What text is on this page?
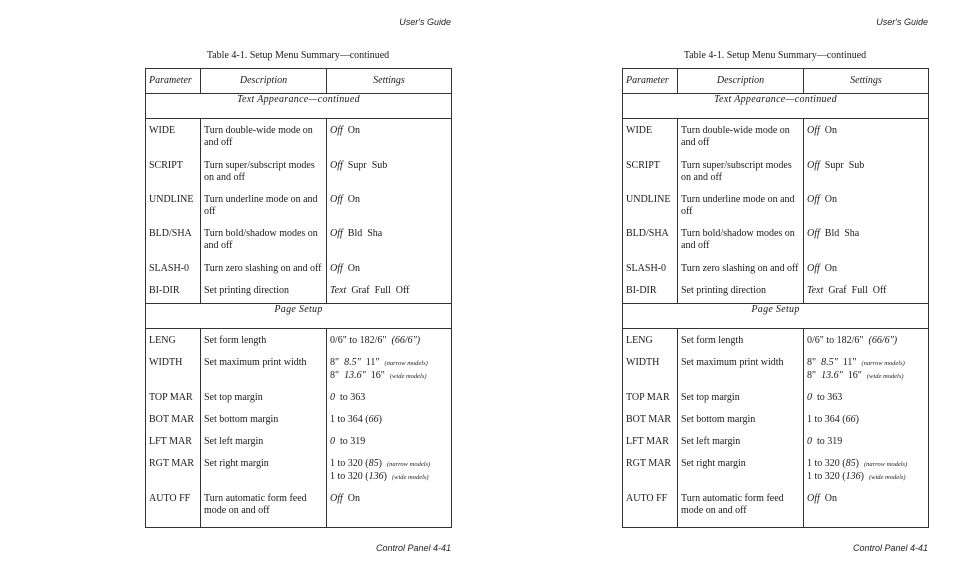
User's Guide
Table 4-1. Setup Menu Summary—continued
Parameter	Description	Settings
Text Appearance—continued		
WIDE	Turn double-wide mode on and off	Off On
SCRIPT	Turn super/subscript modes on and off	Off Supr Sub
UNDLINE	Turn underline mode on and off	Off On
BLD/SHA	Turn bold/shadow modes on and off	Off Bld Sha
SLASH-0	Turn zero slashing on and off	Off On
BI-DIR	Set printing direction	Text Graf Full Off
Page Setup		
LENG	Set form length	0/6" to 182/6" (66/6")
WIDTH	Set maximum print width	8" 8.5" 11" (narrow models)
8" 13.6" 16" (wide models)

TOP MAR	Set top margin	0 to 363
BOT MAR	Set bottom margin	1 to 364 (66)
LFT MAR	Set left margin	0 to 319
RGT MAR	Set right margin	1 to 320 (85) (narrow models)
1 to 320 (136) (wide models)

AUTO FF	Turn automatic form feed mode on and off	Off On
Control Panel 4-41
User's Guide
Table 4-1. Setup Menu Summary—continued
Parameter	Description	Settings
Text Appearance—continued		
WIDE	Turn double-wide mode on and off	Off On
SCRIPT	Turn super/subscript modes on and off	Off Supr Sub
UNDLINE	Turn underline mode on and off	Off On
BLD/SHA	Turn bold/shadow modes on and off	Off Bld Sha
SLASH-0	Turn zero slashing on and off	Off On
BI-DIR	Set printing direction	Text Graf Full Off
Page Setup		
LENG	Set form length	0/6" to 182/6" (66/6")
WIDTH	Set maximum print width	8" 8.5" 11" (narrow models)
8" 13.6" 16" (wide models)

TOP MAR	Set top margin	0 to 363
BOT MAR	Set bottom margin	1 to 364 (66)
LFT MAR	Set left margin	0 to 319
RGT MAR	Set right margin	1 to 320 (85) (narrow models)
1 to 320 (136) (wide models)

AUTO FF	Turn automatic form feed mode on and off	Off On
Control Panel 4-41
